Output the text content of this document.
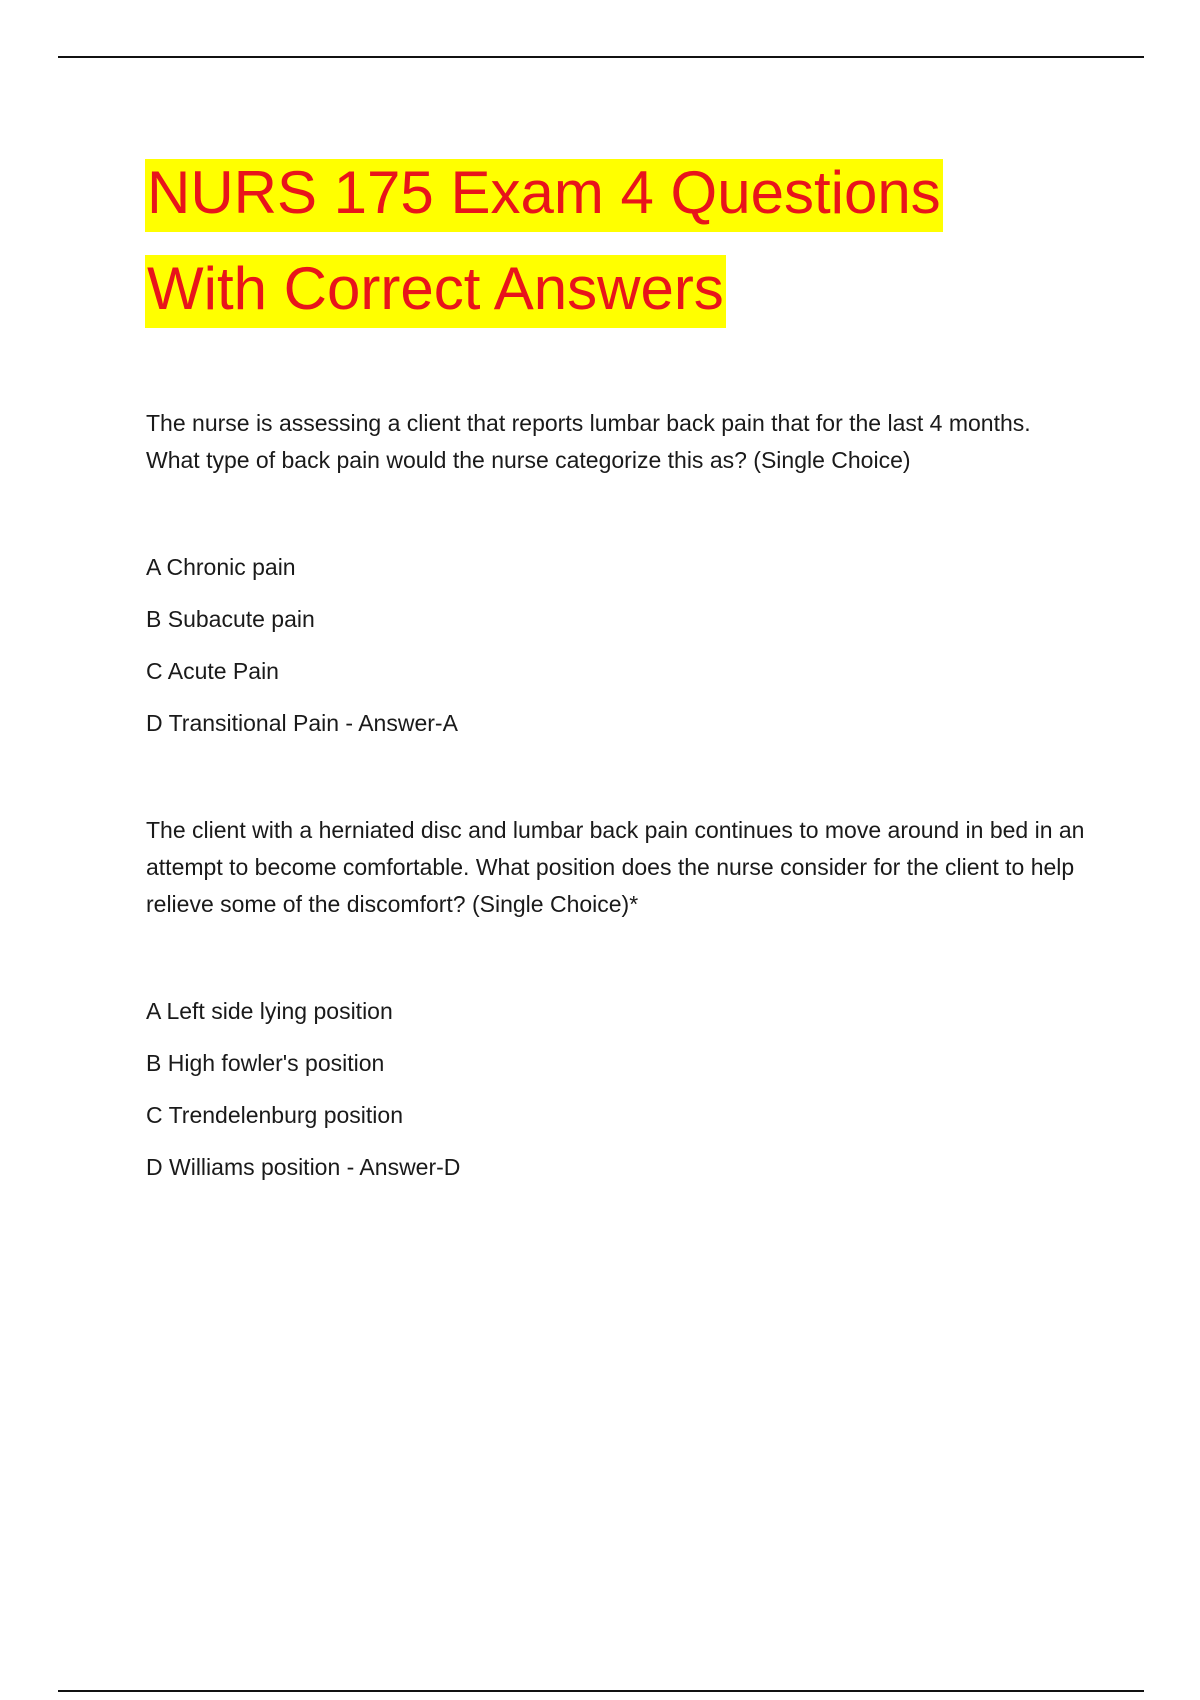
NURS 175 Exam 4 Questions
With Correct Answers

The nurse is assessing a client that reports lumbar back pain that for the last 4 months. What type of back pain would the nurse categorize this as? (Single Choice)

A Chronic pain
B Subacute pain
C Acute Pain
D Transitional Pain - Answer-A

The client with a herniated disc and lumbar back pain continues to move around in bed in an attempt to become comfortable. What position does the nurse consider for the client to help relieve some of the discomfort? (Single Choice)*

A Left side lying position
B High fowler's position
C Trendelenburg position
D Williams position - Answer-D
